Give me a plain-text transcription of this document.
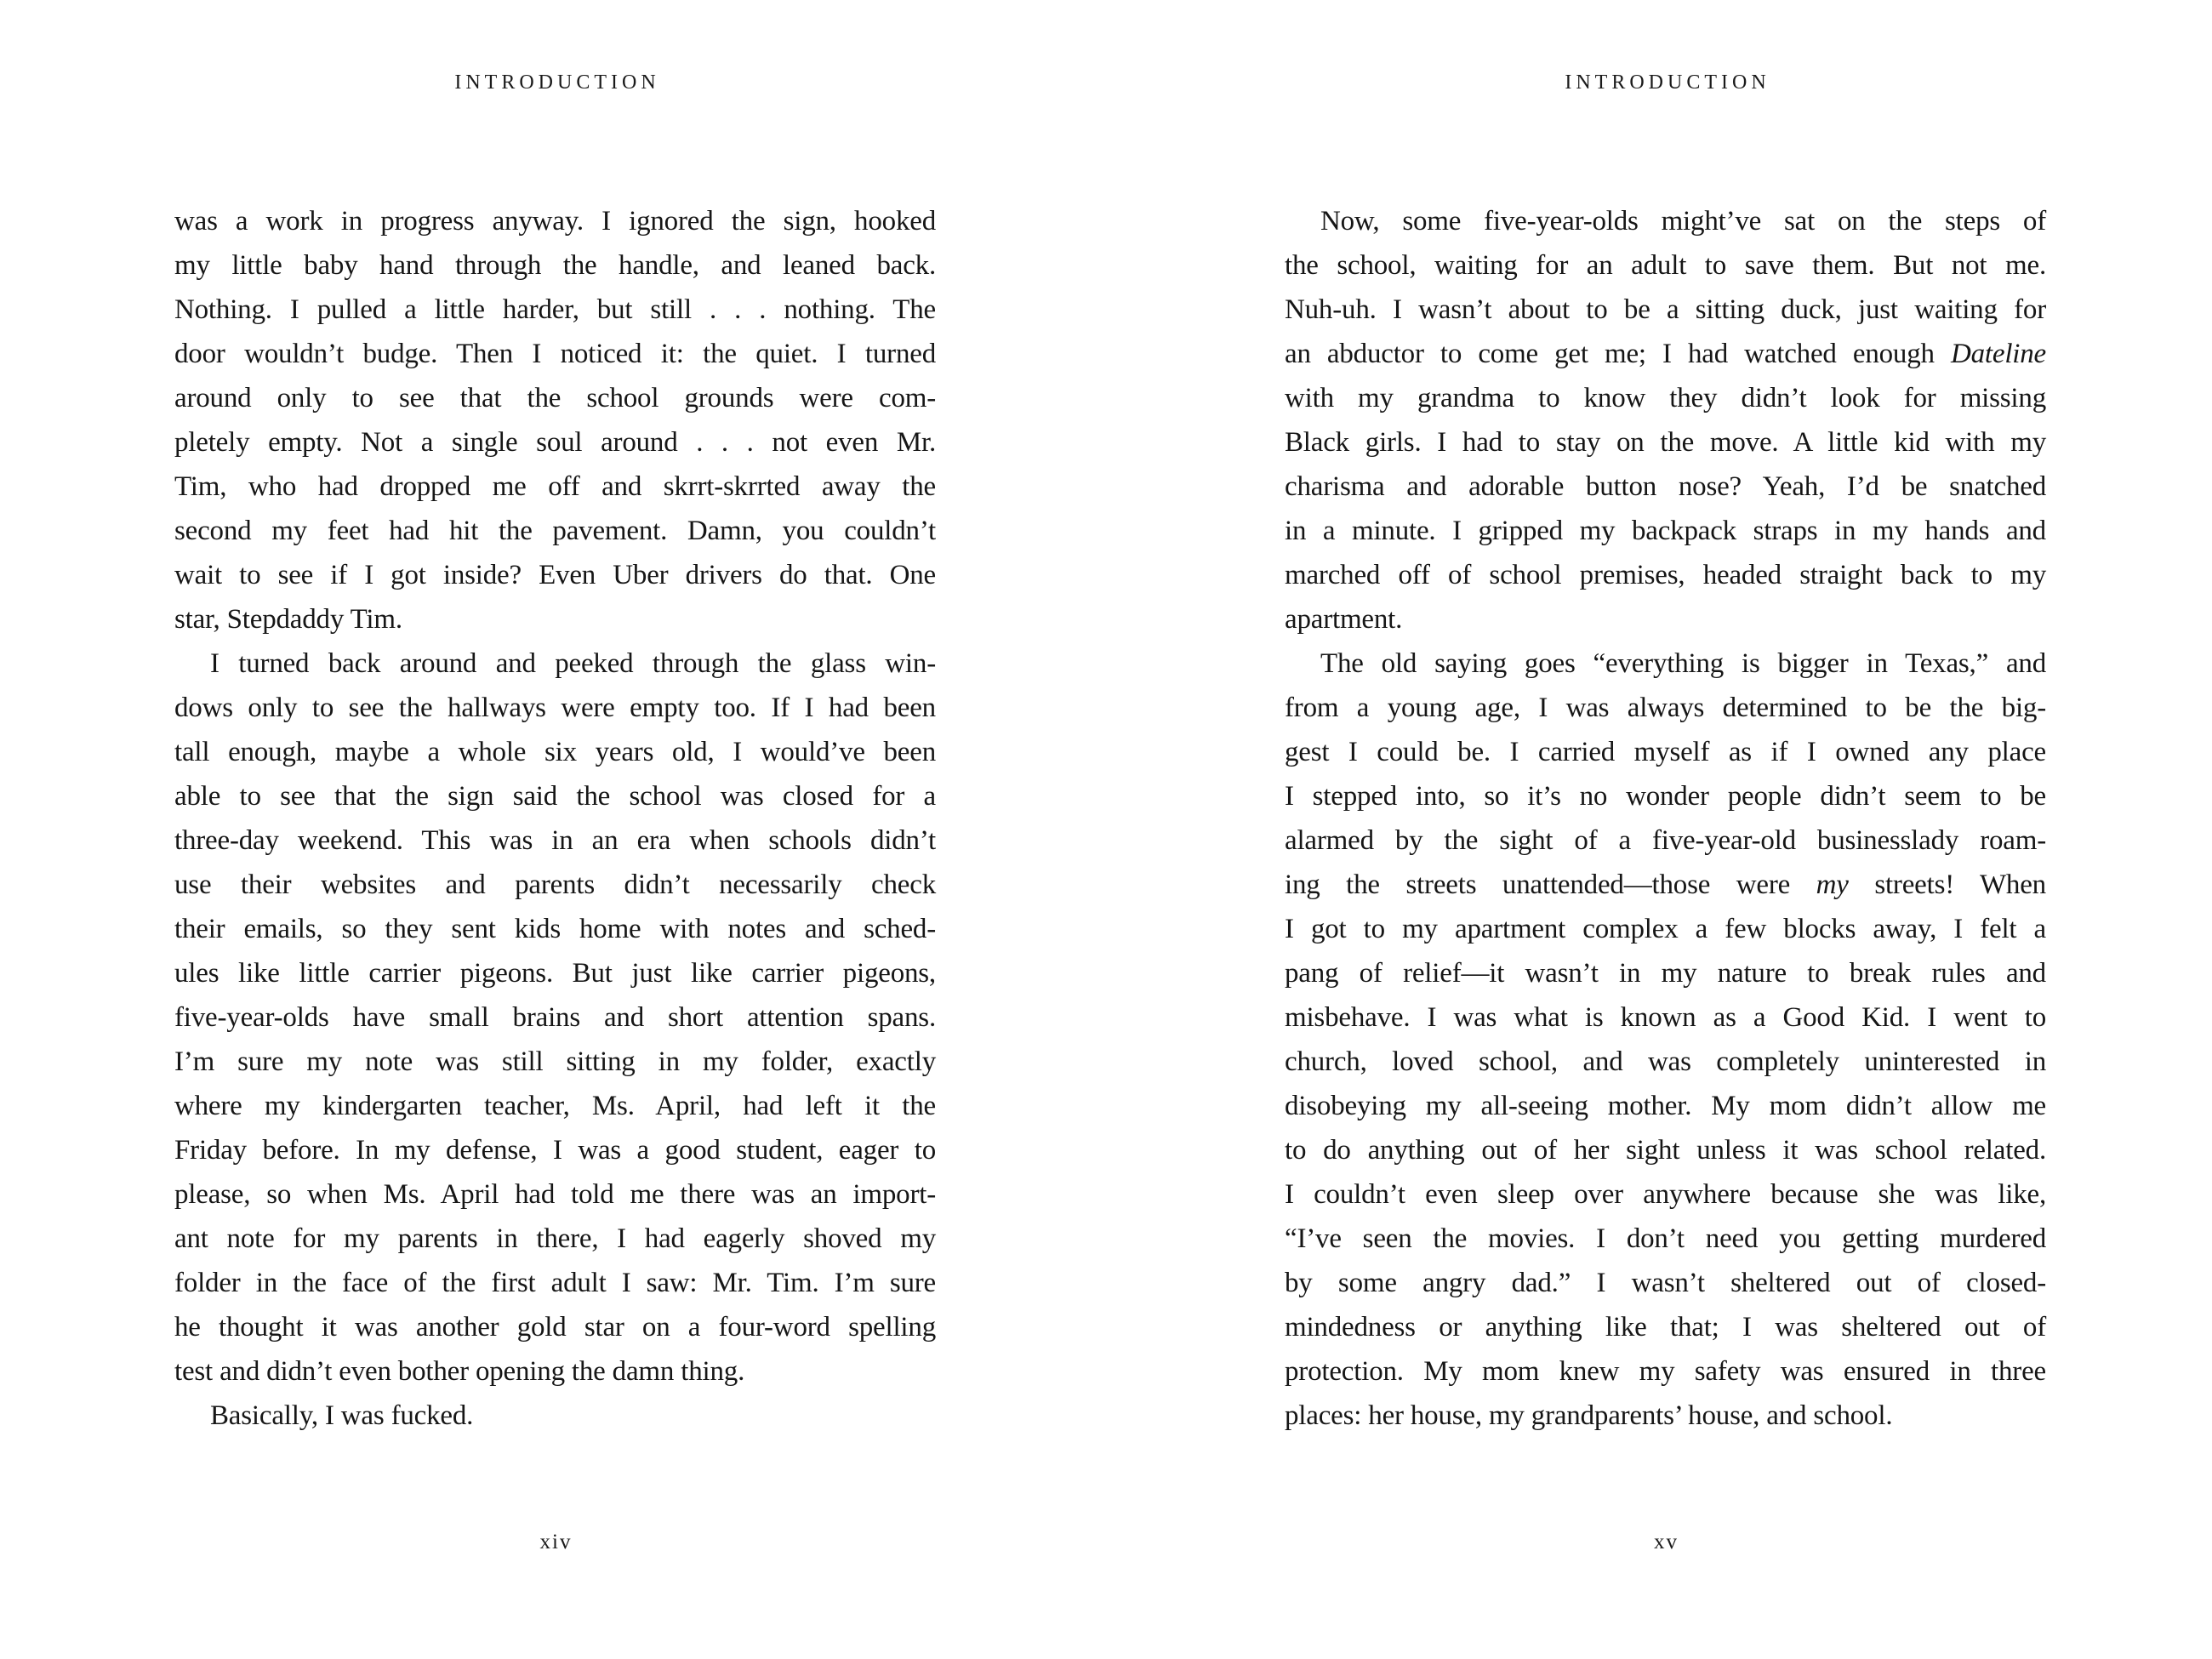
INTRODUCTION
was a work in progress anyway. I ignored the sign, hooked
my little baby hand through the handle, and leaned back.
Nothing. I pulled a little harder, but still . . . nothing. The
door wouldn’t budge. Then I noticed it: the quiet. I turned
around only to see that the school grounds were com-
pletely empty. Not a single soul around . . . not even Mr.
Tim, who had dropped me off and skrrt-skrrted away the
second my feet had hit the pavement. Damn, you couldn’t
wait to see if I got inside? Even Uber drivers do that. One
star, Stepdaddy Tim.
I turned back around and peeked through the glass win-
dows only to see the hallways were empty too. If I had been
tall enough, maybe a whole six years old, I would’ve been
able to see that the sign said the school was closed for a
three-day weekend. This was in an era when schools didn’t
use their websites and parents didn’t necessarily check
their emails, so they sent kids home with notes and sched-
ules like little carrier pigeons. But just like carrier pigeons,
five-year-olds have small brains and short attention spans.
I’m sure my note was still sitting in my folder, exactly
where my kindergarten teacher, Ms. April, had left it the
Friday before. In my defense, I was a good student, eager to
please, so when Ms. April had told me there was an import-
ant note for my parents in there, I had eagerly shoved my
folder in the face of the first adult I saw: Mr. Tim. I’m sure
he thought it was another gold star on a four-word spelling
test and didn’t even bother opening the damn thing.
Basically, I was fucked.
xiv
INTRODUCTION
Now, some five-year-olds might’ve sat on the steps of
the school, waiting for an adult to save them. But not me.
Nuh-uh. I wasn’t about to be a sitting duck, just waiting for
an abductor to come get me; I had watched enough Dateline
with my grandma to know they didn’t look for missing
Black girls. I had to stay on the move. A little kid with my
charisma and adorable button nose? Yeah, I’d be snatched
in a minute. I gripped my backpack straps in my hands and
marched off of school premises, headed straight back to my
apartment.
The old saying goes “everything is bigger in Texas,” and
from a young age, I was always determined to be the big-
gest I could be. I carried myself as if I owned any place
I stepped into, so it’s no wonder people didn’t seem to be
alarmed by the sight of a five-year-old businesslady roam-
ing the streets unattended—those were my streets! When
I got to my apartment complex a few blocks away, I felt a
pang of relief—it wasn’t in my nature to break rules and
misbehave. I was what is known as a Good Kid. I went to
church, loved school, and was completely uninterested in
disobeying my all-seeing mother. My mom didn’t allow me
to do anything out of her sight unless it was school related.
I couldn’t even sleep over anywhere because she was like,
“I’ve seen the movies. I don’t need you getting murdered
by some angry dad.” I wasn’t sheltered out of closed-
mindedness or anything like that; I was sheltered out of
protection. My mom knew my safety was ensured in three
places: her house, my grandparents’ house, and school.
xv
